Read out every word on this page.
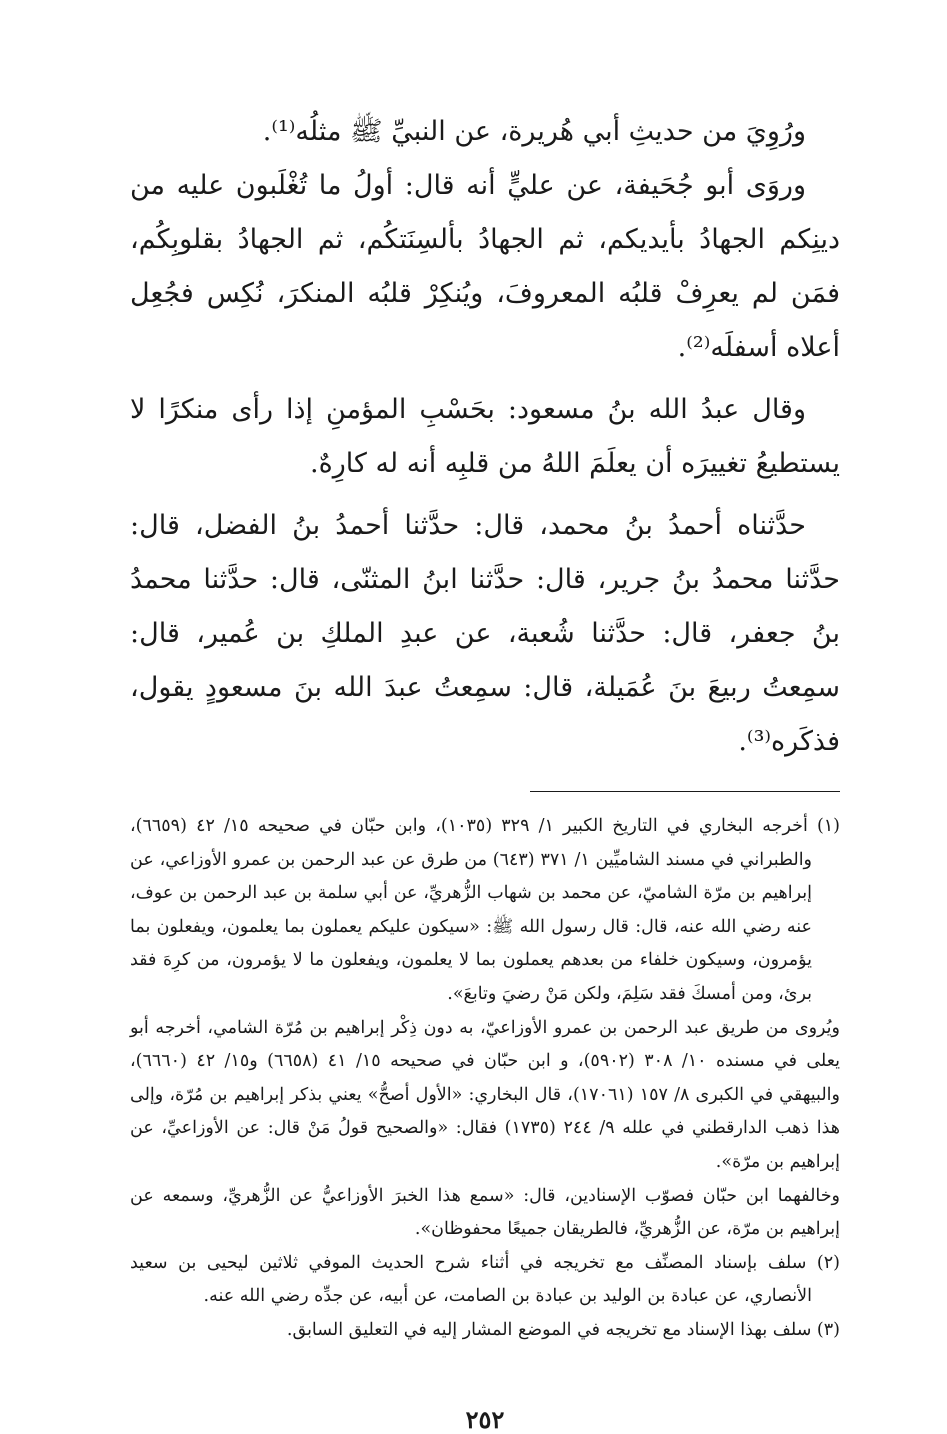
ورُوِيَ من حديثِ أبي هُريرة، عن النبيِّ ﷺ مثلُه⁽¹⁾.

وروَى أبو جُحَيفة، عن عليٍّ أنه قال: أولُ ما تُغْلَبون عليه من دينِكم الجهادُ بأيديكم، ثم الجهادُ بألسِنَتكُم، ثم الجهادُ بقلوبِكُم، فمَن لم يعرِفْ قلبُه المعروفَ، ويُنكِرْ قلبُه المنكرَ، نُكِس فجُعِل أعلاه أسفلَه⁽²⁾.

وقال عبدُ الله بنُ مسعود: بحَسْبِ المؤمنِ إذا رأى منكرًا لا يستطيعُ تغييرَه أن يعلَمَ اللهُ من قلبِه أنه له كارِهٌ.

حدَّثناه أحمدُ بنُ محمد، قال: حدَّثنا أحمدُ بنُ الفضل، قال: حدَّثنا محمدُ بنُ جرير، قال: حدَّثنا ابنُ المثنّى، قال: حدَّثنا محمدُ بنُ جعفر، قال: حدَّثنا شُعبة، عن عبدِ الملكِ بن عُمير، قال: سمِعتُ ربيعَ بنَ عُمَيلة، قال: سمِعتُ عبدَ الله بنَ مسعودٍ يقول، فذكَره⁽³⁾.

(١) أخرجه البخاري في التاريخ الكبير ١/ ٣٢٩ (١٠٣٥)، وابن حبّان في صحيحه ١٥/ ٤٢ (٦٦٥٩)، والطبراني في مسند الشاميِّين ١/ ٣٧١ (٦٤٣) من طرق عن عبد الرحمن بن عمرو الأوزاعي، عن إبراهيم بن مرّة الشاميّ، عن محمد بن شهاب الزُّهريِّ، عن أبي سلمة بن عبد الرحمن بن عوف، عنه رضي الله عنه، قال: قال رسول الله ﷺ: «سيكون عليكم يعملون بما يعلمون، ويفعلون بما يؤمرون، وسيكون خلفاء من بعدهم يعملون بما لا يعلمون، ويفعلون ما لا يؤمرون، من كرِهَ فقد برئ، ومن أمسكَ فقد سَلِمَ، ولكن مَنْ رضيَ وتابعَ».

ويُروى من طريق عبد الرحمن بن عمرو الأوزاعيّ، به دون ذِكْر إبراهيم بن مُرّة الشامي، أخرجه أبو يعلى في مسنده ١٠/ ٣٠٨ (٥٩٠٢)، و ابن حبّان في صحيحه ١٥/ ٤١ (٦٦٥٨) و١٥/ ٤٢ (٦٦٦٠)، والبيهقي في الكبرى ٨/ ١٥٧ (١٧٠٦١)، قال البخاري: «الأول أصحُّ» يعني بذكر إبراهيم بن مُرّة، وإلى هذا ذهب الدارقطني في علله ٩/ ٢٤٤ (١٧٣٥) فقال: «والصحيح قولُ مَنْ قال: عن الأوزاعيِّ، عن إبراهيم بن مرّة».

وخالفهما ابن حبّان فصوّب الإسنادين، قال: «سمع هذا الخبرَ الأوزاعيُّ عن الزُّهريِّ، وسمعه عن إبراهيم بن مرّة، عن الزُّهريِّ، فالطريقان جميعًا محفوظان».

(٢) سلف بإسناد المصنِّف مع تخريجه في أثناء شرح الحديث الموفي ثلاثين ليحيى بن سعيد الأنصاري، عن عبادة بن الوليد بن عبادة بن الصامت، عن أبيه، عن جدِّه رضي الله عنه.

(٣) سلف بهذا الإسناد مع تخريجه في الموضع المشار إليه في التعليق السابق.

٢٥٢
